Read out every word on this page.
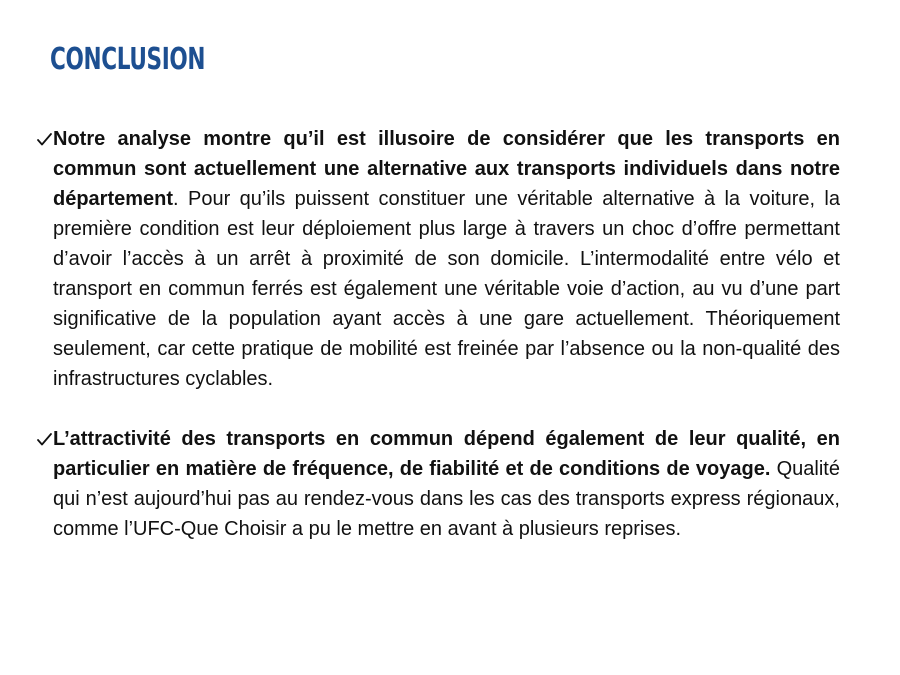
CONCLUSION

Notre analyse montre qu’il est illusoire de considérer que les transports en commun sont actuellement une alternative aux transports individuels dans notre département. Pour qu’ils puissent constituer une véritable alternative à la voiture, la première condition est leur déploiement plus large à travers un choc d’offre permettant d’avoir l’accès à un arrêt à proximité de son domicile. L’intermodalité entre vélo et transport en commun ferrés est également une véritable voie d’action, au vu d’une part significative de la population ayant accès à une gare actuellement. Théoriquement seulement, car cette pratique de mobilité est freinée par l’absence ou la non-qualité des infrastructures cyclables.

L’attractivité des transports en commun dépend également de leur qualité, en particulier en matière de fréquence, de fiabilité et de conditions de voyage. Qualité qui n’est aujourd’hui pas au rendez-vous dans les cas des transports express régionaux, comme l’UFC-Que Choisir a pu le mettre en avant à plusieurs reprises.
